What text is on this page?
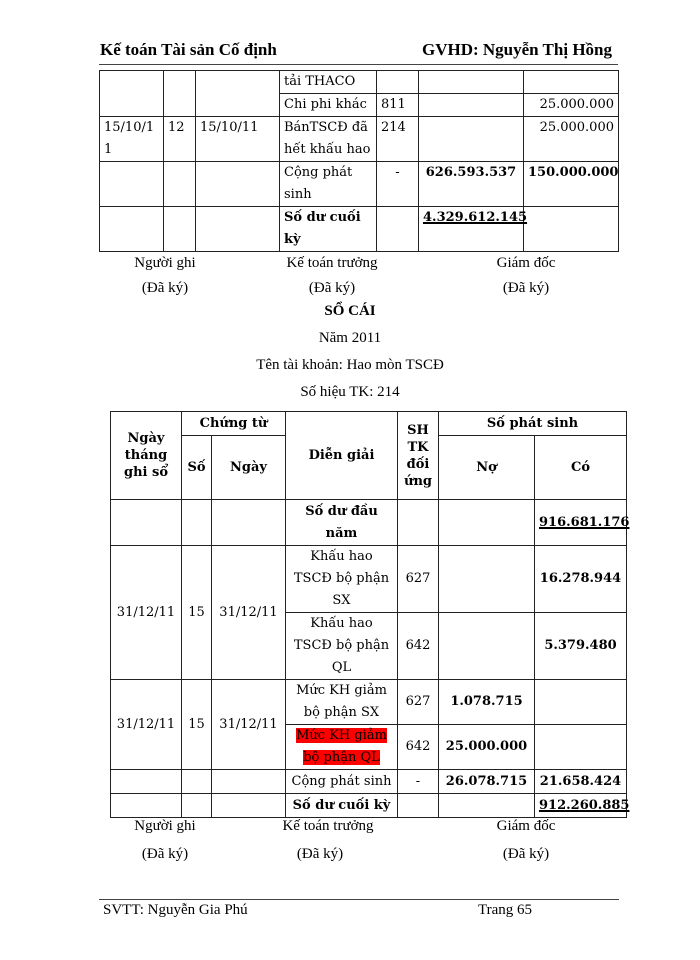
Kế toán Tài sản Cố định	GVHD: Nguyễn Thị Hồng
			tải THACO			
			Chi phi khác	811		25.000.000
15/10/1 1	12	15/10/11	BánTSCĐ đã hết khấu hao	214		25.000.000
			Cộng phát sinh	-	626.593.537	150.000.000
			Số dư cuối kỳ		4.329.612.145	
Người ghi
(Đã ký)
Kế toán trưởng
(Đã ký)
Giám đốc
(Đã ký)
SỔ CÁI
Năm 2011
Tên tài khoản: Hao mòn TSCĐ
Số hiệu TK: 214
Ngày tháng ghi sổ	Chứng từ		Diễn giải	SH TK đối ứng	Số phát sinh	
	Số	Ngày			Nợ	Có
			Số dư đầu năm			916.681.176
31/12/11	15	31/12/11	Khấu hao TSCĐ bộ phận SX	627		16.278.944
			Khấu hao TSCĐ bộ phận QL	642		5.379.480
31/12/11	15	31/12/11	Mức KH giảm bộ phận SX	627	1.078.715	
			Mức KH giảm bộ phận QL	642	25.000.000	
			Cộng phát sinh	-	26.078.715	21.658.424
			Số dư cuối kỳ			912.260.885
Người ghi
(Đã ký)
Kế toán trưởng
(Đã ký)
Giám đốc
(Đã ký)
SVTT: Nguyễn Gia Phú	Trang 65
